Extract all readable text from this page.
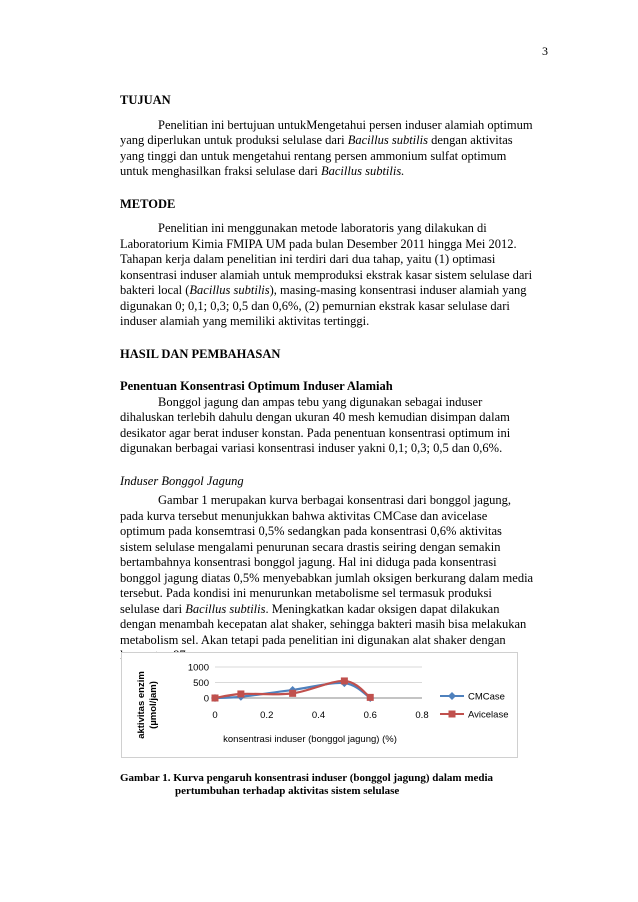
3
TUJUAN

Penelitian ini bertujuan untukMengetahui persen induser alamiah optimum
yang diperlukan untuk produksi selulase dari Bacillus subtilis dengan aktivitas
yang tinggi dan untuk mengetahui rentang persen ammonium sulfat optimum
untuk menghasilkan fraksi selulase dari Bacillus subtilis.

METODE

Penelitian ini menggunakan metode laboratoris yang dilakukan di
Laboratorium Kimia FMIPA UM pada bulan Desember 2011 hingga Mei 2012.
Tahapan kerja dalam penelitian ini terdiri dari dua tahap, yaitu (1) optimasi
konsentrasi induser alamiah untuk memproduksi ekstrak kasar sistem selulase dari
bakteri local (Bacillus subtilis), masing-masing konsentrasi induser alamiah yang
digunakan 0; 0,1; 0,3; 0,5 dan 0,6%, (2) pemurnian ekstrak kasar selulase dari
induser alamiah yang memiliki aktivitas tertinggi.

HASIL DAN PEMBAHASAN
Penentuan Konsentrasi Optimum Induser Alamiah

Bonggol jagung dan ampas tebu yang digunakan sebagai induser
dihaluskan terlebih dahulu dengan ukuran 40 mesh kemudian disimpan dalam
desikator agar berat induser konstan. Pada penentuan konsentrasi optimum ini
digunakan berbagai variasi konsentrasi induser yakni 0,1; 0,3; 0,5 dan 0,6%.

Induser Bonggol Jagung

Gambar 1 merupakan kurva berbagai konsentrasi dari bonggol jagung,
pada kurva tersebut menunjukkan bahwa aktivitas CMCase dan avicelase
optimum pada konsemtrasi 0,5% sedangkan pada konsentrasi 0,6% aktivitas
sistem selulase mengalami penurunan secara drastis seiring dengan semakin
bertambahnya konsentrasi bonggol jagung. Hal ini diduga pada konsentrasi
bonggol jagung diatas 0,5% menyebabkan jumlah oksigen berkurang dalam media
tersebut. Pada kondisi ini menurunkan metabolisme sel termasuk produksi
selulase dari Bacillus subtilis. Meningkatkan kadar oksigen dapat dilakukan
dengan menambah kecepatan alat shaker, sehingga bakteri masih bisa melakukan
metabolism sel. Akan tetapi pada penelitian ini digunakan alat shaker dengan

1000
500
0
0	0.2	0.4	0.6	0.8
aktivitas enzim (µmol/jam)
konsentrasi induser (bonggol jagung) (%)
CMCase
Avicelase
Gambar 1. Kurva pengaruh konsentrasi induser (bonggol jagung) dalam media
pertumbuhan terhadap aktivitas sistem selulase
